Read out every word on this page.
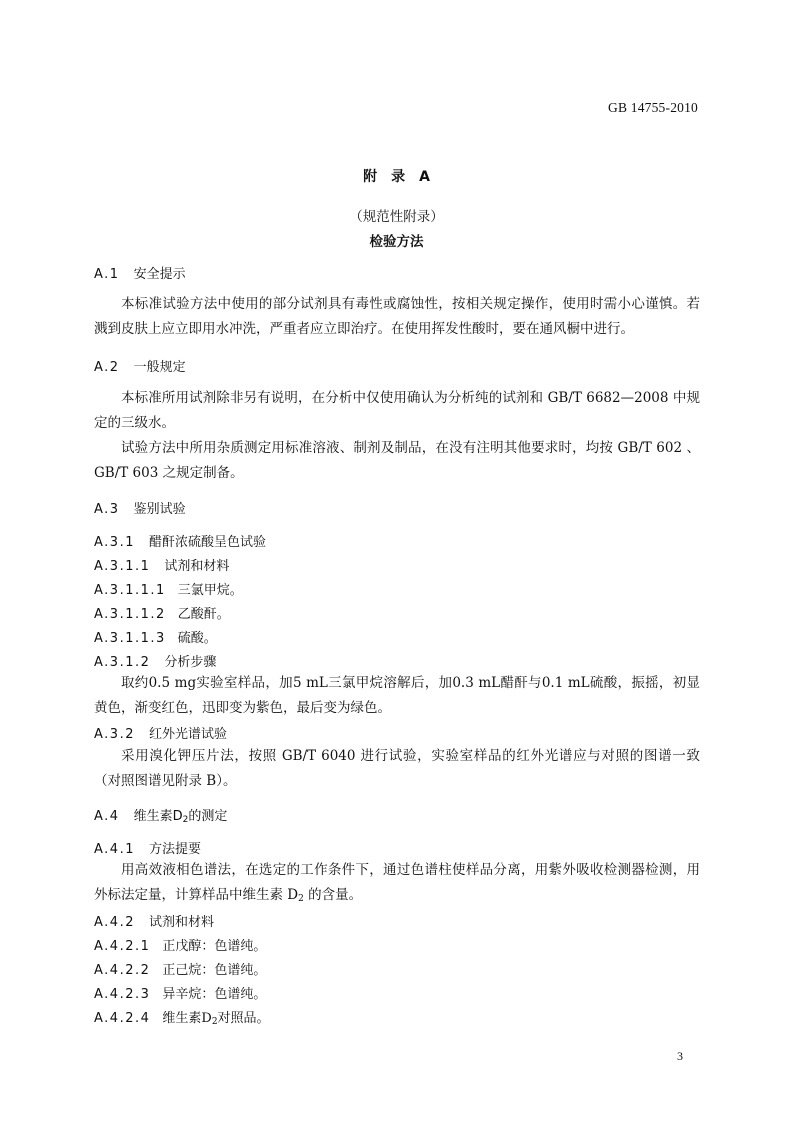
GB 14755-2010
附　录　A
（规范性附录）
检验方法
A.1 安全提示
本标准试验方法中使用的部分试剂具有毒性或腐蚀性，按相关规定操作，使用时需小心谨慎。若溅到皮肤上应立即用水冲洗，严重者应立即治疗。在使用挥发性酸时，要在通风橱中进行。
A.2 一般规定
本标准所用试剂除非另有说明，在分析中仅使用确认为分析纯的试剂和 GB/T 6682—2008 中规定的三级水。
试验方法中所用杂质测定用标准溶液、制剂及制品，在没有注明其他要求时，均按 GB/T 602 、GB/T 603 之规定制备。
A.3 鉴别试验
A.3.1 醋酐浓硫酸呈色试验
A.3.1.1 试剂和材料
A.3.1.1.1 三氯甲烷。
A.3.1.1.2 乙酸酐。
A.3.1.1.3 硫酸。
A.3.1.2 分析步骤
取约0.5 mg实验室样品，加5 mL三氯甲烷溶解后，加0.3 mL醋酐与0.1 mL硫酸，振摇，初显黄色，渐变红色，迅即变为紫色，最后变为绿色。
A.3.2 红外光谱试验
采用溴化钾压片法，按照 GB/T 6040 进行试验，实验室样品的红外光谱应与对照的图谱一致（对照图谱见附录 B）。
A.4 维生素$D_2$的测定
A.4.1 方法提要
用高效液相色谱法，在选定的工作条件下，通过色谱柱使样品分离，用紫外吸收检测器检测，用外标法定量，计算样品中维生素 $D_2$ 的含量。
A.4.2 试剂和材料
A.4.2.1 正戊醇：色谱纯。
A.4.2.2 正己烷：色谱纯。
A.4.2.3 异辛烷：色谱纯。
A.4.2.4 维生素$D_2$对照品。
3
